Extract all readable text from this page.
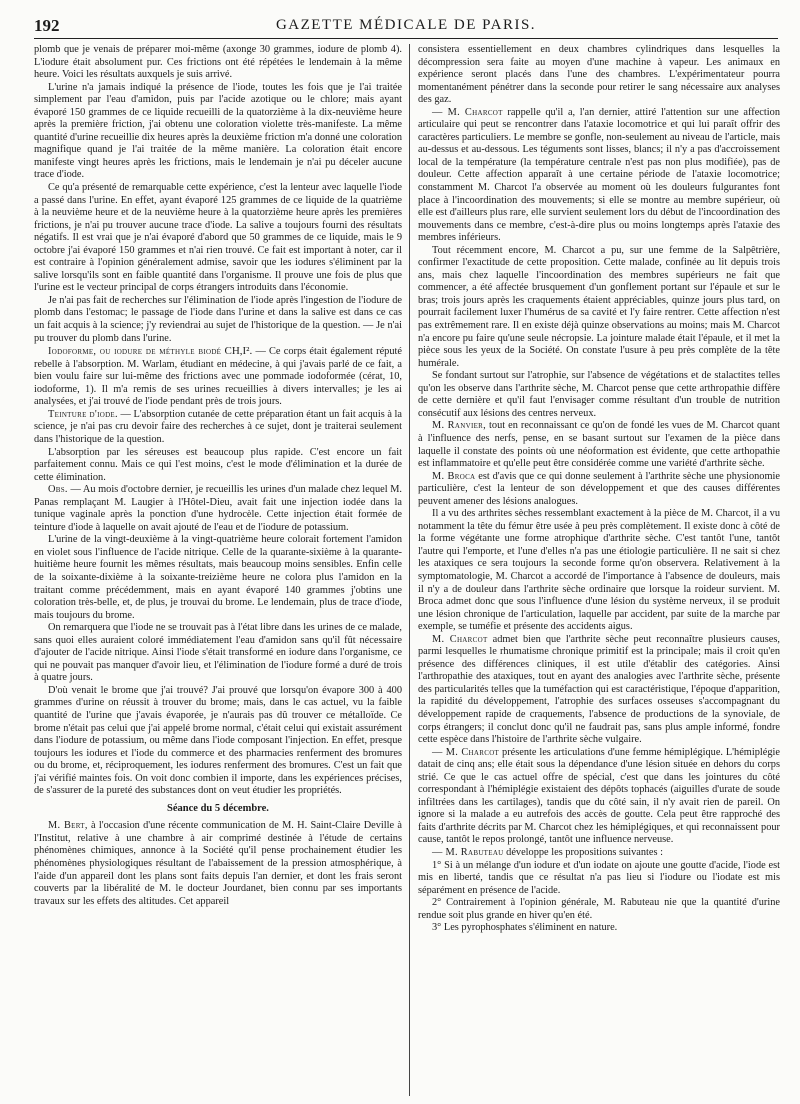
192	GAZETTE MÉDICALE DE PARIS.

plomb que je venais de préparer moi-même (axonge 30 grammes, iodure de plomb 4). L'iodure était absolument pur. Ces frictions ont été répétées le lendemain à la même heure. Voici les résultats auxquels je suis arrivé.

L'urine n'a jamais indiqué la présence de l'iode, toutes les fois que je l'ai traitée simplement par l'eau d'amidon, puis par l'acide azotique ou le chlore; mais ayant évaporé 150 grammes de ce liquide recueilli de la quatorzième à la dix-neuvième heure après la première friction, j'ai obtenu une coloration violette très-manifeste. La même quantité d'urine recueillie dix heures après la deuxième friction m'a donné une coloration magnifique quand je l'ai traitée de la même manière. La coloration était encore manifeste vingt heures après les frictions, mais le lendemain je n'ai pu déceler aucune trace d'iode.

Ce qu'a présenté de remarquable cette expérience, c'est la lenteur avec laquelle l'iode a passé dans l'urine. En effet, ayant évaporé 125 grammes de ce liquide de la quatrième à la neuvième heure et de la neuvième heure à la quatorzième heure après les premières frictions, je n'ai pu trouver aucune trace d'iode. La salive a toujours fourni des résultats négatifs. Il est vrai que je n'ai évaporé d'abord que 50 grammes de ce liquide, mais le 9 octobre j'ai évaporé 150 grammes et n'ai rien trouvé. Ce fait est important à noter, car il est contraire à l'opinion généralement admise, savoir que les iodures s'éliminent par la salive lorsqu'ils sont en faible quantité dans l'organisme. Il prouve une fois de plus que l'urine est le vecteur principal de corps étrangers introduits dans l'économie.

Je n'ai pas fait de recherches sur l'élimination de l'iode après l'ingestion de l'iodure de plomb dans l'estomac; le passage de l'iode dans l'urine et dans la salive est dans ce cas un fait acquis à la science; j'y reviendrai au sujet de l'historique de la question. — Je n'ai pu trouver du plomb dans l'urine.

Iodoforme, ou iodure de méthyle biodé CH,I². — Ce corps était également réputé rebelle à l'absorption. M. Warlam, étudiant en médecine, à qui j'avais parlé de ce fait, a bien voulu faire sur lui-même des frictions avec une pommade iodoformée (cérat, 10, iodoforme, 1). Il m'a remis de ses urines recueillies à divers intervalles; je les ai analysées, et j'ai trouvé de l'iode pendant près de trois jours.

Teinture d'iode. — L'absorption cutanée de cette préparation étant un fait acquis à la science, je n'ai pas cru devoir faire des recherches à ce sujet, dont je traiterai seulement dans l'historique de la question.

L'absorption par les séreuses est beaucoup plus rapide. C'est encore un fait parfaitement connu. Mais ce qui l'est moins, c'est le mode d'élimination et la durée de cette élimination.

Obs. — Au mois d'octobre dernier, je recueillis les urines d'un malade chez lequel M. Panas remplaçant M. Laugier à l'Hôtel-Dieu, avait fait une injection iodée dans la tunique vaginale après la ponction d'une hydrocèle. Cette injection était formée de teinture d'iode à laquelle on avait ajouté de l'eau et de l'iodure de potassium.

L'urine de la vingt-deuxième à la vingt-quatrième heure colorait fortement l'amidon en violet sous l'influence de l'acide nitrique. Celle de la quarante-sixième à la quarante-huitième heure fournit les mêmes résultats, mais beaucoup moins sensibles. Enfin celle de la soixante-dixième à la soixante-treizième heure ne colora plus l'amidon en la traitant comme précédemment, mais en ayant évaporé 140 grammes j'obtins une coloration très-belle, et, de plus, je trouvai du brome. Le lendemain, plus de trace d'iode, mais toujours du brome.

On remarquera que l'iode ne se trouvait pas à l'état libre dans les urines de ce malade, sans quoi elles auraient coloré immédiatement l'eau d'amidon sans qu'il fût nécessaire d'ajouter de l'acide nitrique. Ainsi l'iode s'était transformé en iodure dans l'organisme, ce qui ne pouvait pas manquer d'avoir lieu, et l'élimination de l'iodure formé a duré de trois à quatre jours.

D'où venait le brome que j'ai trouvé? J'ai prouvé que lorsqu'on évapore 300 à 400 grammes d'urine on réussit à trouver du brome; mais, dans le cas actuel, vu la faible quantité de l'urine que j'avais évaporée, je n'aurais pas dû trouver ce métalloïde. Ce brome n'était pas celui que j'ai appelé brome normal, c'était celui qui existait assurément dans l'iodure de potassium, ou même dans l'iode composant l'injection. En effet, presque toujours les iodures et l'iode du commerce et des pharmacies renferment des bromures ou du brome, et, réciproquement, les iodures renferment des bromures. C'est un fait que j'ai vérifié maintes fois. On voit donc combien il importe, dans les expériences précises, de s'assurer de la pureté des substances dont on veut étudier les propriétés.

Séance du 5 décembre.

M. Bert, à l'occasion d'une récente communication de M. H. Saint-Claire Deville à l'Institut, relative à une chambre à air comprimé destinée à l'étude de certains phénomènes chimiques, annonce à la Société qu'il pense prochainement étudier les phénomènes physiologiques résultant de l'abaissement de la pression atmosphérique, à l'aide d'un appareil dont les plans sont faits depuis l'an dernier, et dont les frais seront couverts par la libéralité de M. le docteur Jourdanet, bien connu par ses importants travaux sur les effets des altitudes. Cet appareil

consistera essentiellement en deux chambres cylindriques dans lesquelles la décompression sera faite au moyen d'une machine à vapeur. Les animaux en expérience seront placés dans l'une des chambres. L'expérimentateur pourra momentanément pénétrer dans la seconde pour retirer le sang nécessaire aux analyses des gaz.

— M. Charcot rappelle qu'il a, l'an dernier, attiré l'attention sur une affection articulaire qui peut se rencontrer dans l'ataxie locomotrice et qui lui paraît offrir des caractères particuliers. Le membre se gonfle, non-seulement au niveau de l'article, mais au-dessus et au-dessous. Les téguments sont lisses, blancs; il n'y a pas d'accroissement local de la température (la température centrale n'est pas non plus modifiée), pas de douleur. Cette affection apparaît à une certaine période de l'ataxie locomotrice; constamment M. Charcot l'a observée au moment où les douleurs fulgurantes font place à l'incoordination des mouvements; si elle se montre au membre supérieur, où elle est d'ailleurs plus rare, elle survient seulement lors du début de l'incoordination des mouvements dans ce membre, c'est-à-dire plus ou moins longtemps après l'ataxie des membres inférieurs.

Tout récemment encore, M. Charcot a pu, sur une femme de la Salpêtrière, confirmer l'exactitude de cette proposition. Cette malade, confinée au lit depuis trois ans, mais chez laquelle l'incoordination des membres supérieurs ne fait que commencer, a été affectée brusquement d'un gonflement portant sur l'épaule et sur le bras; trois jours après les craquements étaient appréciables, quinze jours plus tard, on pourrait facilement luxer l'humérus de sa cavité et l'y faire rentrer. Cette affection n'est pas extrêmement rare. Il en existe déjà quinze observations au moins; mais M. Charcot n'a encore pu faire qu'une seule nécropsie. La jointure malade était l'épaule, et il met la pièce sous les yeux de la Société. On constate l'usure à peu près complète de la tête humérale.

Se fondant surtout sur l'atrophie, sur l'absence de végétations et de stalactites telles qu'on les observe dans l'arthrite sèche, M. Charcot pense que cette arthropathie diffère de cette dernière et qu'il faut l'envisager comme résultant d'un trouble de nutrition consécutif aux lésions des centres nerveux.

M. Ranvier, tout en reconnaissant ce qu'on de fondé les vues de M. Charcot quant à l'influence des nerfs, pense, en se basant surtout sur l'examen de la pièce dans laquelle il constate des points où une néoformation est évidente, que cette arthopathie est inflammatoire et qu'elle peut être considérée comme une variété d'arthrite sèche.

M. Broca est d'avis que ce qui donne seulement à l'arthrite sèche une physionomie particulière, c'est la lenteur de son développement et que des causes différentes peuvent amener des lésions analogues.

Il a vu des arthrites sèches ressemblant exactement à la pièce de M. Charcot, il a vu notamment la tête du fémur être usée à peu près complètement. Il existe donc à côté de la forme végétante une forme atrophique d'arthrite sèche. C'est tantôt l'une, tantôt l'autre qui l'emporte, et l'une d'elles n'a pas une étiologie particulière. Il ne sait si chez les ataxiques ce sera toujours la seconde forme qu'on observera. Relativement à la symptomatologie, M. Charcot a accordé de l'importance à l'absence de douleurs, mais il n'y a de douleur dans l'arthrite sèche ordinaire que lorsque la roideur survient. M. Broca admet donc que sous l'influence d'une lésion du système nerveux, il se produit une lésion chronique de l'articulation, laquelle par accident, par suite de la marche par exemple, se tuméfie et présente des accidents aigus.

M. Charcot admet bien que l'arthrite sèche peut reconnaître plusieurs causes, parmi lesquelles le rhumatisme chronique primitif est la principale; mais il croit qu'en présence des différences cliniques, il est utile d'établir des catégories. Ainsi l'arthropathie des ataxiques, tout en ayant des analogies avec l'arthrite sèche, présente des particularités telles que la tuméfaction qui est caractéristique, l'époque d'apparition, la rapidité du développement, l'atrophie des surfaces osseuses s'accompagnant du développement rapide de craquements, l'absence de productions de la synoviale, de corps étrangers; il conclut donc qu'il ne faudrait pas, sans plus ample informé, fondre cette espèce dans l'histoire de l'arthrite sèche vulgaire.

— M. Charcot présente les articulations d'une femme hémiplégique. L'hémiplégie datait de cinq ans; elle était sous la dépendance d'une lésion située en dehors du corps strié. Ce que le cas actuel offre de spécial, c'est que dans les jointures du côté correspondant à l'hémiplégie existaient des dépôts tophacés (aiguilles d'urate de soude infiltrées dans les cartilages), tandis que du côté sain, il n'y avait rien de pareil. On ignore si la malade a eu autrefois des accès de goutte. Cela peut être rapproché des faits d'arthrite décrits par M. Charcot chez les hémiplégiques, et qui reconnaissent pour cause, tantôt le repos prolongé, tantôt une influence nerveuse.

— M. Rabuteau développe les propositions suivantes :

1° Si à un mélange d'un iodure et d'un iodate on ajoute une goutte d'acide, l'iode est mis en liberté, tandis que ce résultat n'a pas lieu si l'iodure ou l'iodate est mis séparément en présence de l'acide.

2° Contrairement à l'opinion générale, M. Rabuteau nie que la quantité d'urine rendue soit plus grande en hiver qu'en été.

3° Les pyrophosphates s'éliminent en nature.
